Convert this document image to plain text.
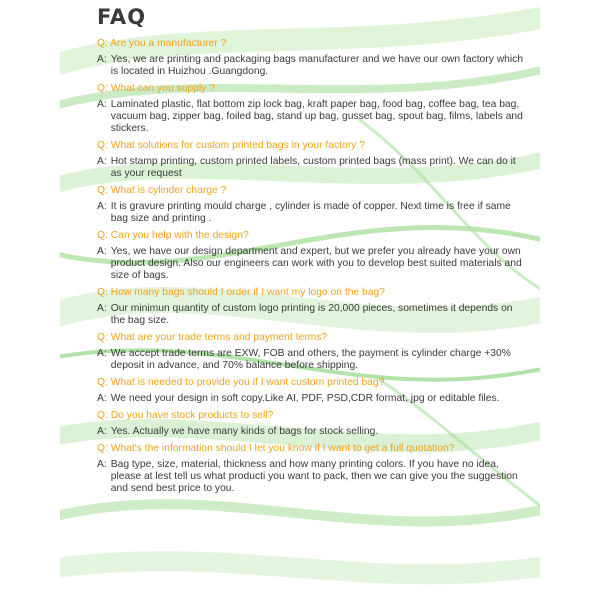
FAQ

Q: Are you a manufacturer ?

A: Yes, we are printing and packaging bags manufacturer and we have our own factory which is located in Huizhou .Guangdong.

Q: What can you supply ?

A: Laminated plastic, flat bottom zip lock bag, kraft paper bag, food bag, coffee bag, tea bag, vacuum bag, zipper bag, foiled bag, stand up bag, gusset bag, spout bag, films, labels and stickers.

Q: What solutions for custom printed bags in your factory ?

A: Hot stamp printing, custom printed labels, custom printed bags (mass print). We can do it as your request

Q: What is cylinder charge ?

A: It is gravure printing mould charge , cylinder is made of copper. Next time is free if same bag size and printing .

Q: Can you help with the design?

A: Yes, we have our design department and expert, but we prefer you already have your own product design. Also our engineers can work with you to develop best suited materials and size of bags.

Q: How many bags should I order if I want my logo on the bag?

A: Our minimun quantity of custom logo printing is 20,000 pieces, sometimes it depends on the bag size.

Q: What are your trade terms and payment terms?

A: We accept trade terms are EXW, FOB and others, the payment is cylinder charge +30% deposit in advance, and 70% balance before shipping.

Q: What is needed to provide you if I want custom printed bag?

A: We need your design in soft copy.Like AI, PDF, PSD,CDR format, jpg or editable files.

Q: Do you have stock products to sell?

A: Yes. Actually we have many kinds of bags for stock selling.

Q: What's the information should I let you know if I want to get a full quotation?

A: Bag type, size, material, thickness and how many printing colors. If you have no idea, please at lest tell us what producti you want to pack, then we can give you the suggestion and send best price to you.
